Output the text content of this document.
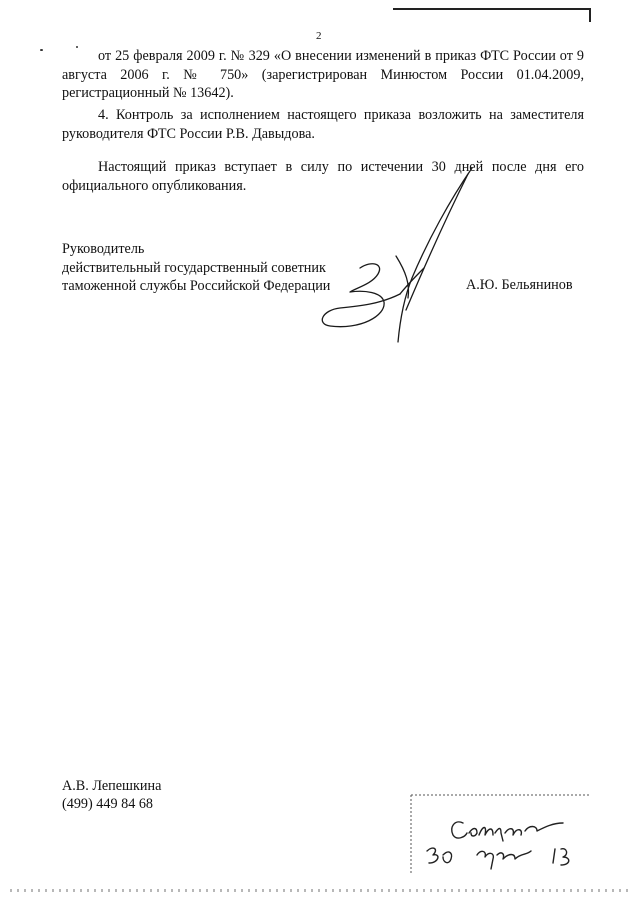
2

от 25 февраля 2009 г. № 329 «О внесении изменений в приказ ФТС России от 9 августа 2006 г. № 750» (зарегистрирован Минюстом России 01.04.2009, регистрационный № 13642).

4. Контроль за исполнением настоящего приказа возложить на заместителя руководителя ФТС России Р.В. Давыдова.

Настоящий приказ вступает в силу по истечении 30 дней после дня его официального опубликования.

Руководитель
действительный государственный советник
таможенной службы Российской Федерации	А.Ю. Бельянинов
А.В. Лепешкина
(499) 449 84 68
